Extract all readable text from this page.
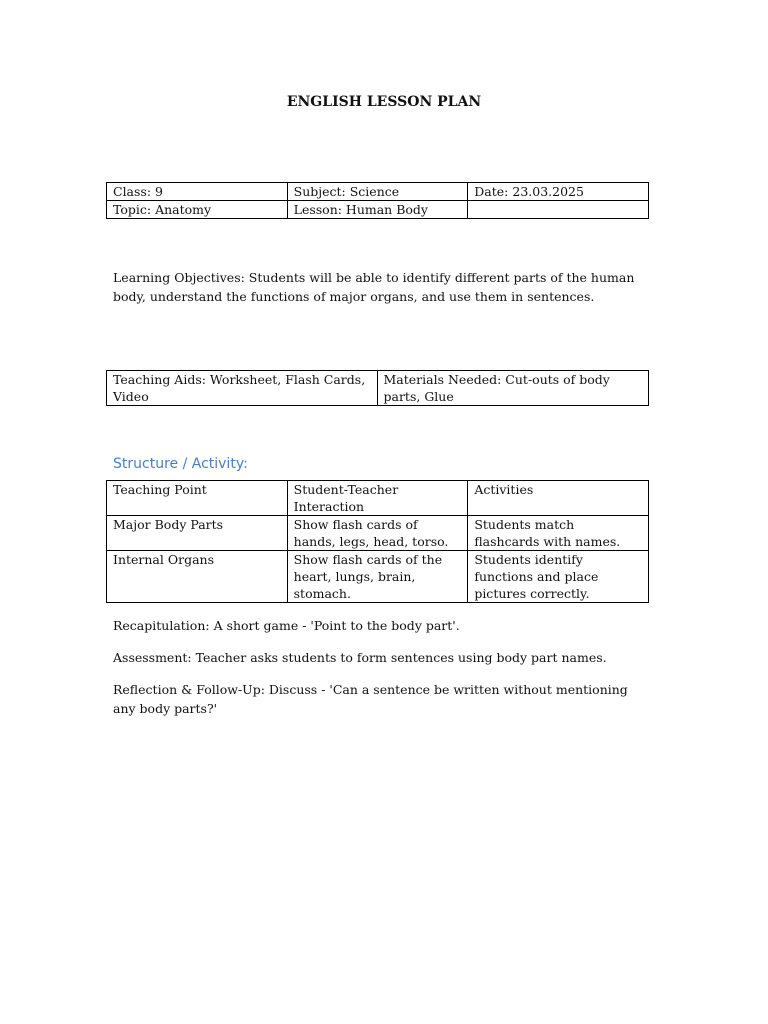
ENGLISH LESSON PLAN
Class: 9	Subject: Science	Date: 23.03.2025
Topic: Anatomy	Lesson: Human Body	
Learning Objectives: Students will be able to identify different parts of the human body, understand the functions of major organs, and use them in sentences.
Teaching Aids: Worksheet, Flash Cards, Video	Materials Needed: Cut-outs of body parts, Glue
Structure / Activity:
Teaching Point	Student-Teacher Interaction	Activities
Major Body Parts	Show flash cards of hands, legs, head, torso.	Students match flashcards with names.
Internal Organs	Show flash cards of the heart, lungs, brain, stomach.	Students identify functions and place pictures correctly.
Recapitulation: A short game - 'Point to the body part'.
Assessment: Teacher asks students to form sentences using body part names.
Reflection & Follow-Up: Discuss - 'Can a sentence be written without mentioning any body parts?'
